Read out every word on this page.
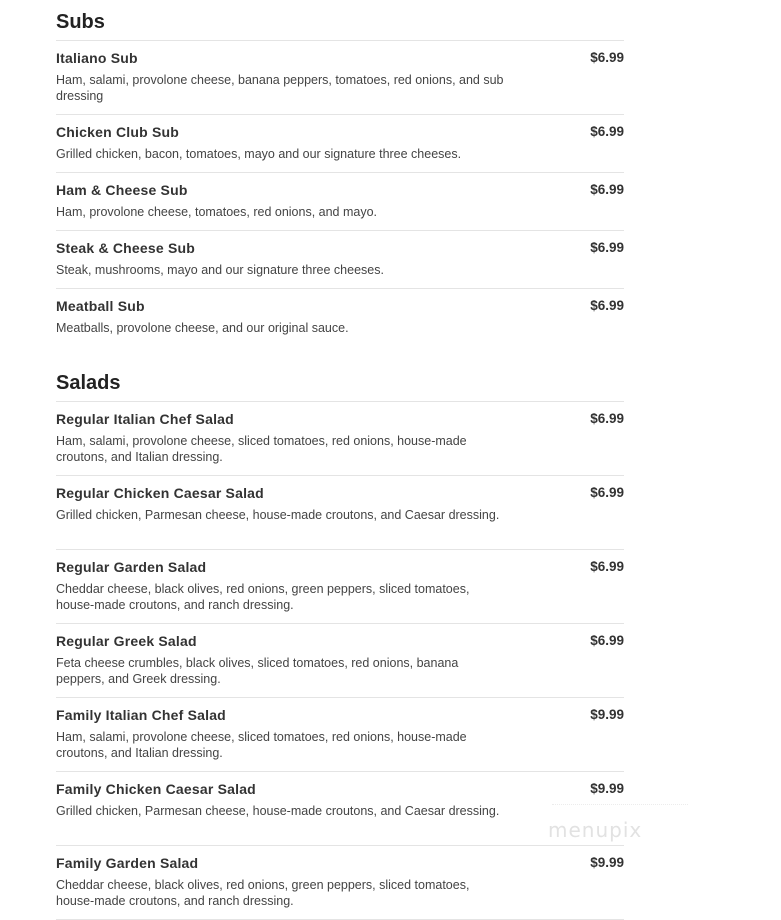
Subs
Italiano Sub	$6.99
Ham, salami, provolone cheese, banana peppers, tomatoes, red onions, and sub dressing
Chicken Club Sub	$6.99
Grilled chicken, bacon, tomatoes, mayo and our signature three cheeses.
Ham & Cheese Sub	$6.99
Ham, provolone cheese, tomatoes, red onions, and mayo.
Steak & Cheese Sub	$6.99
Steak, mushrooms, mayo and our signature three cheeses.
Meatball Sub	$6.99
Meatballs, provolone cheese, and our original sauce.
Salads
Regular Italian Chef Salad	$6.99
Ham, salami, provolone cheese, sliced tomatoes, red onions, house-made croutons, and Italian dressing.
Regular Chicken Caesar Salad	$6.99
Grilled chicken, Parmesan cheese, house-made croutons, and Caesar dressing.
Regular Garden Salad	$6.99
Cheddar cheese, black olives, red onions, green peppers, sliced tomatoes, house-made croutons, and ranch dressing.
Regular Greek Salad	$6.99
Feta cheese crumbles, black olives, sliced tomatoes, red onions, banana peppers, and Greek dressing.
Family Italian Chef Salad	$9.99
Ham, salami, provolone cheese, sliced tomatoes, red onions, house-made croutons, and Italian dressing.
Family Chicken Caesar Salad	$9.99
Grilled chicken, Parmesan cheese, house-made croutons, and Caesar dressing.
Family Garden Salad	$9.99
Cheddar cheese, black olives, red onions, green peppers, sliced tomatoes, house-made croutons, and ranch dressing.
menupix
